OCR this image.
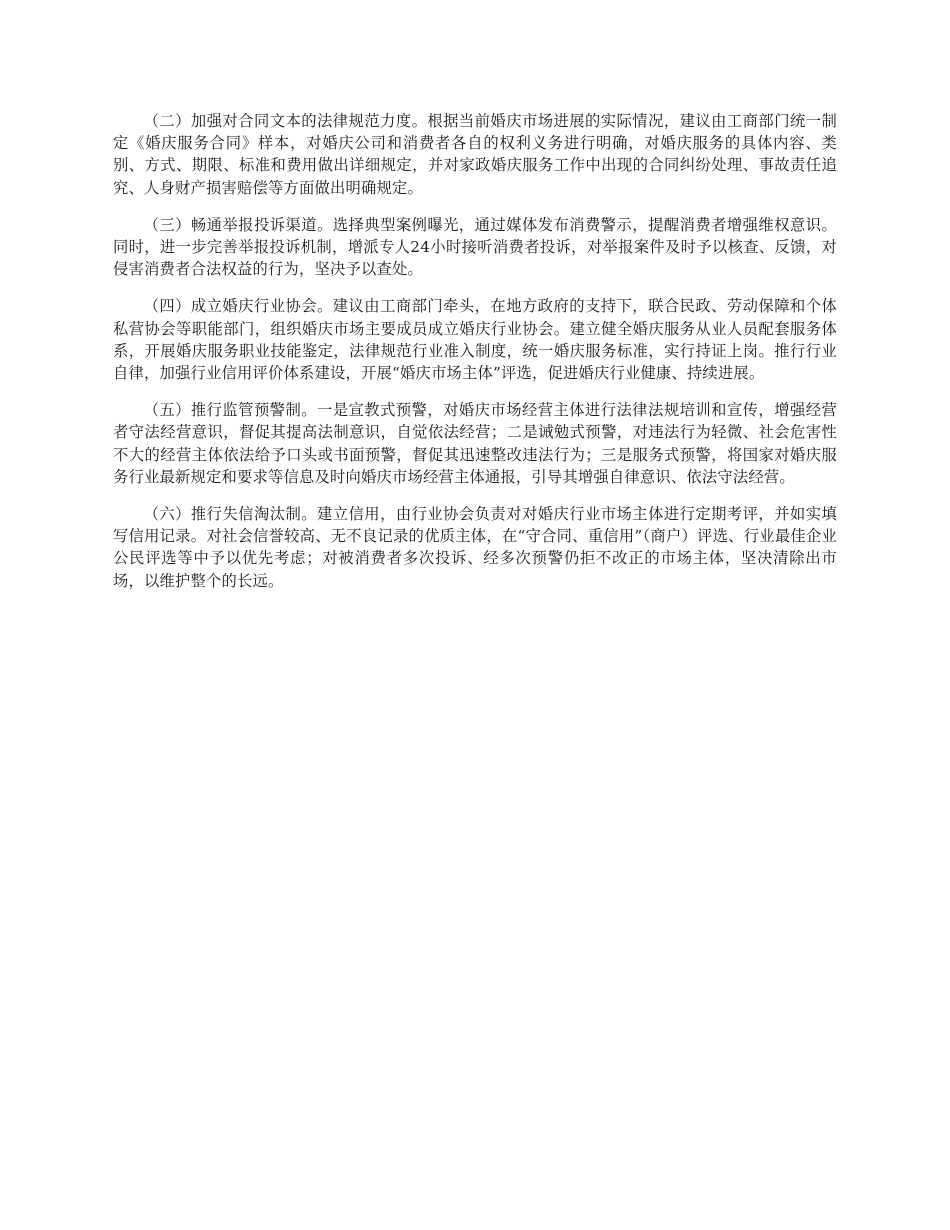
（二）加强对合同文本的法律规范力度。根据当前婚庆市场进展的实际情况，建议由工商部门统一制定《婚庆服务合同》样本，对婚庆公司和消费者各自的权利义务进行明确，对婚庆服务的具体内容、类别、方式、期限、标准和费用做出详细规定，并对家政婚庆服务工作中出现的合同纠纷处理、事故责任追究、人身财产损害赔偿等方面做出明确规定。

（三）畅通举报投诉渠道。选择典型案例曝光，通过媒体发布消费警示，提醒消费者增强维权意识。同时，进一步完善举报投诉机制，增派专人24小时接听消费者投诉，对举报案件及时予以核查、反馈，对侵害消费者合法权益的行为，坚决予以查处。

（四）成立婚庆行业协会。建议由工商部门牵头，在地方政府的支持下，联合民政、劳动保障和个体私营协会等职能部门，组织婚庆市场主要成员成立婚庆行业协会。建立健全婚庆服务从业人员配套服务体系，开展婚庆服务职业技能鉴定，法律规范行业准入制度，统一婚庆服务标准，实行持证上岗。推行行业自律，加强行业信用评价体系建设，开展“婚庆市场主体”评选，促进婚庆行业健康、持续进展。

（五）推行监管预警制。一是宣教式预警，对婚庆市场经营主体进行法律法规培训和宣传，增强经营者守法经营意识，督促其提高法制意识，自觉依法经营；二是诫勉式预警，对违法行为轻微、社会危害性不大的经营主体依法给予口头或书面预警，督促其迅速整改违法行为；三是服务式预警，将国家对婚庆服务行业最新规定和要求等信息及时向婚庆市场经营主体通报，引导其增强自律意识、依法守法经营。

（六）推行失信淘汰制。建立信用，由行业协会负责对对婚庆行业市场主体进行定期考评，并如实填写信用记录。对社会信誉较高、无不良记录的优质主体，在“守合同、重信用”（商户）评选、行业最佳企业公民评选等中予以优先考虑；对被消费者多次投诉、经多次预警仍拒不改正的市场主体，坚决清除出市场，以维护整个的长远。
